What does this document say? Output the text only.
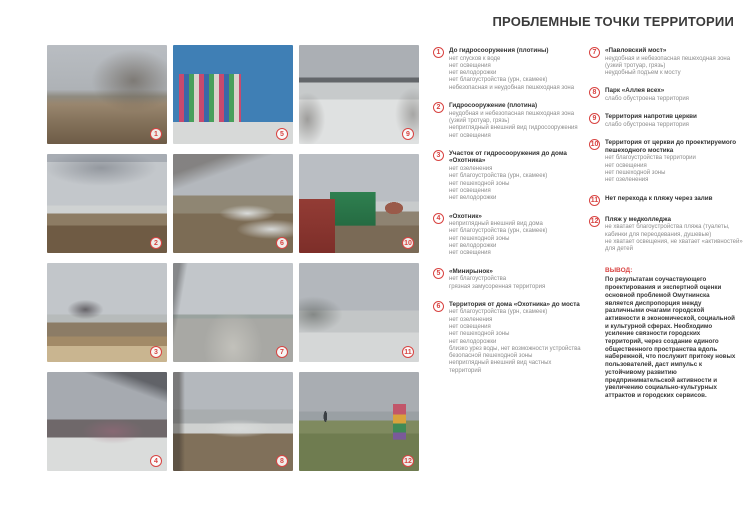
1	5	9
2	6	10
3	7	11
4	8	12
ПРОБЛЕМНЫЕ ТОЧКИ ТЕРРИТОРИИ
1	До гидросооружения (плотины)
нет спусков к воде
нет освещения
нет велодорожки
нет благоустройства (урн, скамеек)
небезопасная и неудобная пешеходная зона
2	Гидросооружение (плотина)
неудобная и небезопасная пешеходная зона (узкий тротуар, грязь)
неприглядный внешний вид гидросооружения
нет освещения
3	Участок от гидросооружения до дома «Охотника»
нет озеленения
нет благоустройства (урн, скамеек)
нет пешеходной зоны
нет освещения
нет велодорожки
4	«Охотник»
неприглядный внешний вид дома
нет благоустройства (урн, скамеек)
нет пешеходной зоны
нет велодорожки
нет освещения
5	«Минирынок»
нет благоустройства
грязная замусоренная территория
6	Территория от дома «Охотника» до моста
нет благоустройства (урн, скамеек)
нет озеленения
нет освещения
нет пешеходной зоны
нет велодорожки
близко урез воды, нет возможности устройства безопасной пешеходной зоны
неприглядный внешний вид частных территорий
7	«Павловский мост»
неудобная и небезопасная пешеходная зона (узкий тротуар, грязь)
неудобный подъем к мосту
8	Парк «Аллея всех»
слабо обустроена территория
9	Территория напротив церкви
слабо обустроена территория
10 Территория от церкви до проектируемого пешеходного мостика
нет благоустройства территории
нет освещения
нет пешеходной зоны
нет озеленения
11 Нет перехода к пляжу через залив
12 Пляж у медколледжа
не хватает благоустройства пляжа (туалеты, кабинки для переодевания, душевые)
не хватает освещения, не хватает «активностей» для детей
ВЫВОД:
По результатам соучаствующего проектирования и экспертной оценки основной проблемой Омутнинска является диспропорция между различными очагами городской активности в экономической, социальной и культурной сферах. Необходимо усиление связности городских территорий, через создание единого общественного пространства вдоль набережной, что послужит притоку новых пользователей, даст импульс к устойчивому развитию предпринимательской активности и увеличению социально-культурных аттрактов и городских сервисов.
